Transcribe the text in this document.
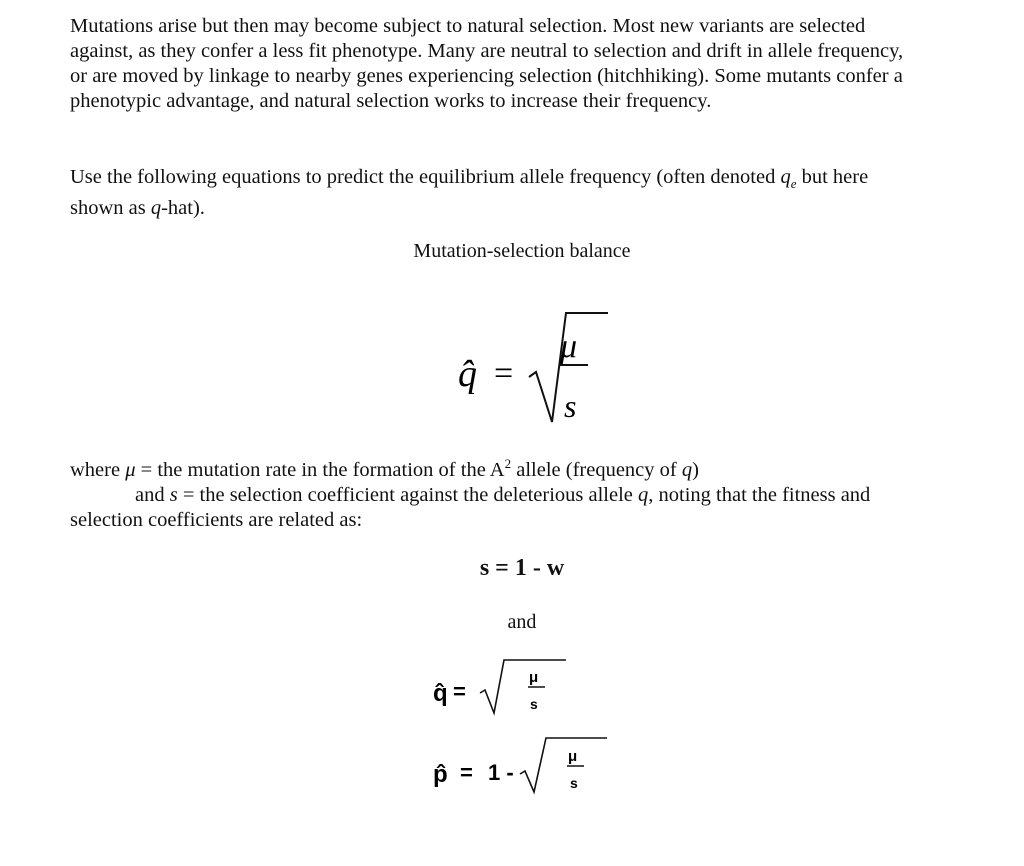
Mutations arise but then may become subject to natural selection. Most new variants are selected
against, as they confer a less fit phenotype. Many are neutral to selection and drift in allele frequency,
or are moved by linkage to nearby genes experiencing selection (hitchhiking). Some mutants confer a
phenotypic advantage, and natural selection works to increase their frequency.
Use the following equations to predict the equilibrium allele frequency (often denoted $q_e$ but here
shown as q-hat).
Mutation-selection balance
q̂ =
μ
s
where μ = the mutation rate in the formation of the $A^2$ allele (frequency of q)
and s = the selection coefficient against the deleterious allele q, noting that the fitness and
selection coefficients are related as:
s = 1 - w
and
q̂ =
μ
s
p̂ = 1 -
μ
s
